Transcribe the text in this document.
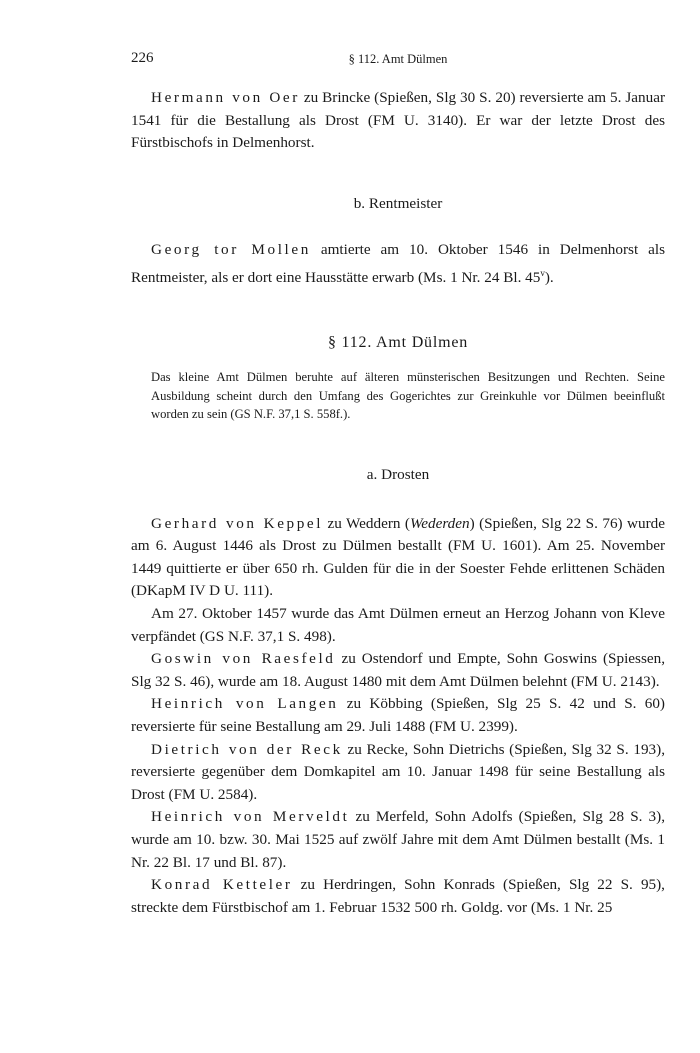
226	§ 112. Amt Dülmen

Hermann von Oer zu Brincke (Spießen, Slg 30 S. 20) reversierte am 5. Januar 1541 für die Bestallung als Drost (FM U. 3140). Er war der letzte Drost des Fürstbischofs in Delmenhorst.

b. Rentmeister

Georg tor Mollen amtierte am 10. Oktober 1546 in Delmenhorst als Rentmeister, als er dort eine Hausstätte erwarb (Ms. 1 Nr. 24 Bl. 45$^v$).

§ 112. Amt Dülmen

Das kleine Amt Dülmen beruhte auf älteren münsterischen Besitzungen und Rechten. Seine Ausbildung scheint durch den Umfang des Gogerichtes zur Greinkuhle vor Dülmen beeinflußt worden zu sein (GS N.F. 37,1 S. 558f.).

a. Drosten

Gerhard von Keppel zu Weddern (Wederden) (Spießen, Slg 22 S. 76) wurde am 6. August 1446 als Drost zu Dülmen bestallt (FM U. 1601). Am 25. November 1449 quittierte er über 650 rh. Gulden für die in der Soester Fehde erlittenen Schäden (DKapM IV D U. 111).

Am 27. Oktober 1457 wurde das Amt Dülmen erneut an Herzog Johann von Kleve verpfändet (GS N.F. 37,1 S. 498).

Goswin von Raesfeld zu Ostendorf und Empte, Sohn Goswins (Spiessen, Slg 32 S. 46), wurde am 18. August 1480 mit dem Amt Dülmen belehnt (FM U. 2143).

Heinrich von Langen zu Köbbing (Spießen, Slg 25 S. 42 und S. 60) reversierte für seine Bestallung am 29. Juli 1488 (FM U. 2399).

Dietrich von der Reck zu Recke, Sohn Dietrichs (Spießen, Slg 32 S. 193), reversierte gegenüber dem Domkapitel am 10. Januar 1498 für seine Bestallung als Drost (FM U. 2584).

Heinrich von Merveldt zu Merfeld, Sohn Adolfs (Spießen, Slg 28 S. 3), wurde am 10. bzw. 30. Mai 1525 auf zwölf Jahre mit dem Amt Dülmen bestallt (Ms. 1 Nr. 22 Bl. 17 und Bl. 87).

Konrad Ketteler zu Herdringen, Sohn Konrads (Spießen, Slg 22 S. 95), streckte dem Fürstbischof am 1. Februar 1532 500 rh. Goldg. vor (Ms. 1 Nr. 25
